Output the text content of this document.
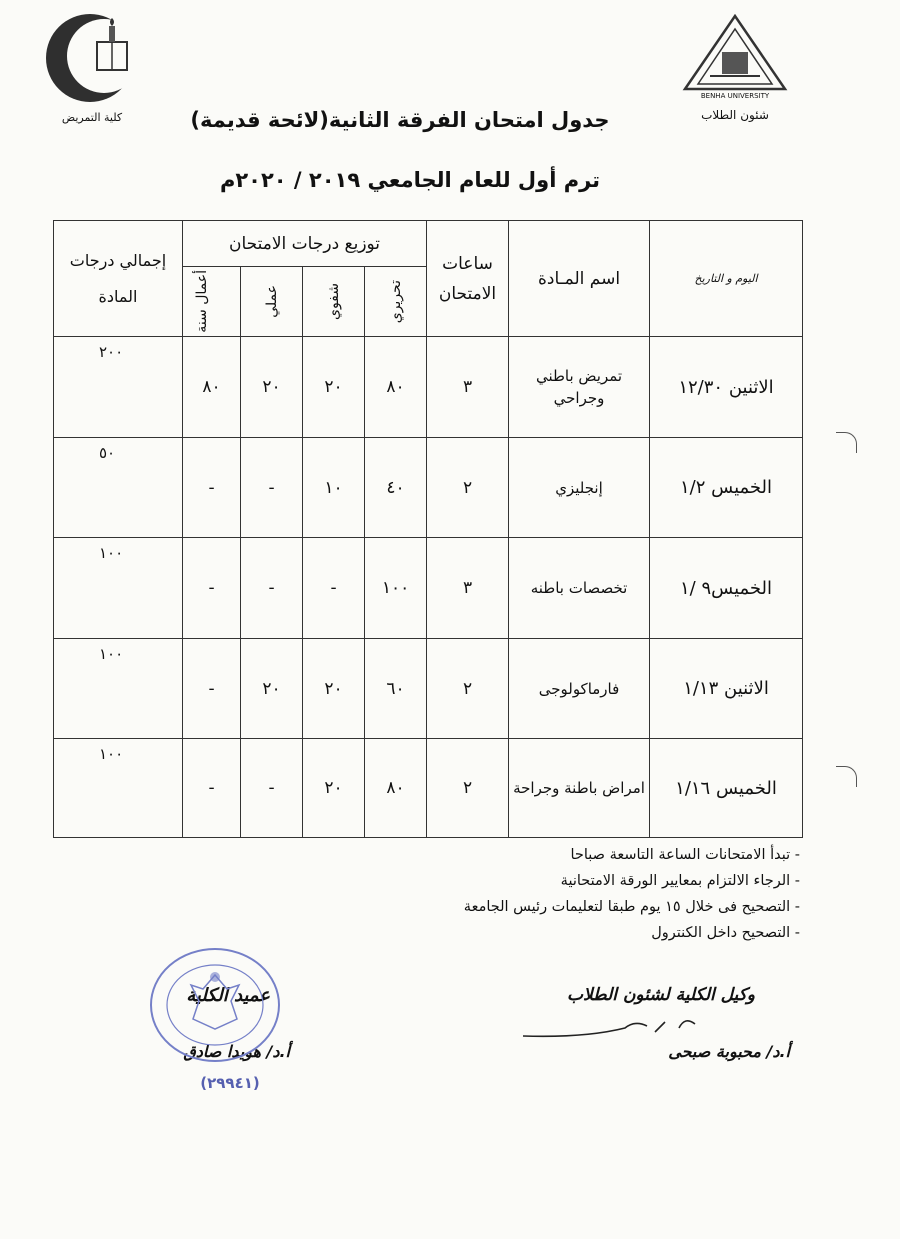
كلية التمريض
BENHA UNIVERSITY
شئون الطلاب
جدول امتحان الفرقة الثانية(لائحة قديمة)
ترم أول للعام الجامعي ٢٠١٩ / ٢٠٢٠م
اليوم و التاريخ	اسم المـادة	ساعات الامتحان	توزيع درجات الامتحان				إجمالي درجات المادة

			تحريري	شفوي	عملي	أعمال سنة	

الاثنين ١٢/٣٠	تمريض باطني وجراحي	٣	٨٠	٢٠	٢٠	٨٠	٢٠٠

الخميس ١/٢	إنجليزي	٢	٤٠	١٠	-	-	٥٠

الخميس٩ /١	تخصصات باطنه	٣	١٠٠	-	-	-	١٠٠

الاثنين ١/١٣	فارماكولوجى	٢	٦٠	٢٠	٢٠	-	١٠٠

الخميس ١/١٦	امراض باطنة وجراحة	٢	٨٠	٢٠	-	-	١٠٠
- تبدأ الامتحانات الساعة التاسعة صباحا
- الرجاء الالتزام بمعايير الورقة الامتحانية
- التصحيح فى خلال ١٥ يوم طبقا لتعليمات رئيس الجامعة
- التصحيح داخل الكنترول
وكيل الكلية لشئون الطلاب
أ.د/ محبوبة صبحى
عميد الكلية
أ.د/ هويدا صادق
(٢٩٩٤١)
